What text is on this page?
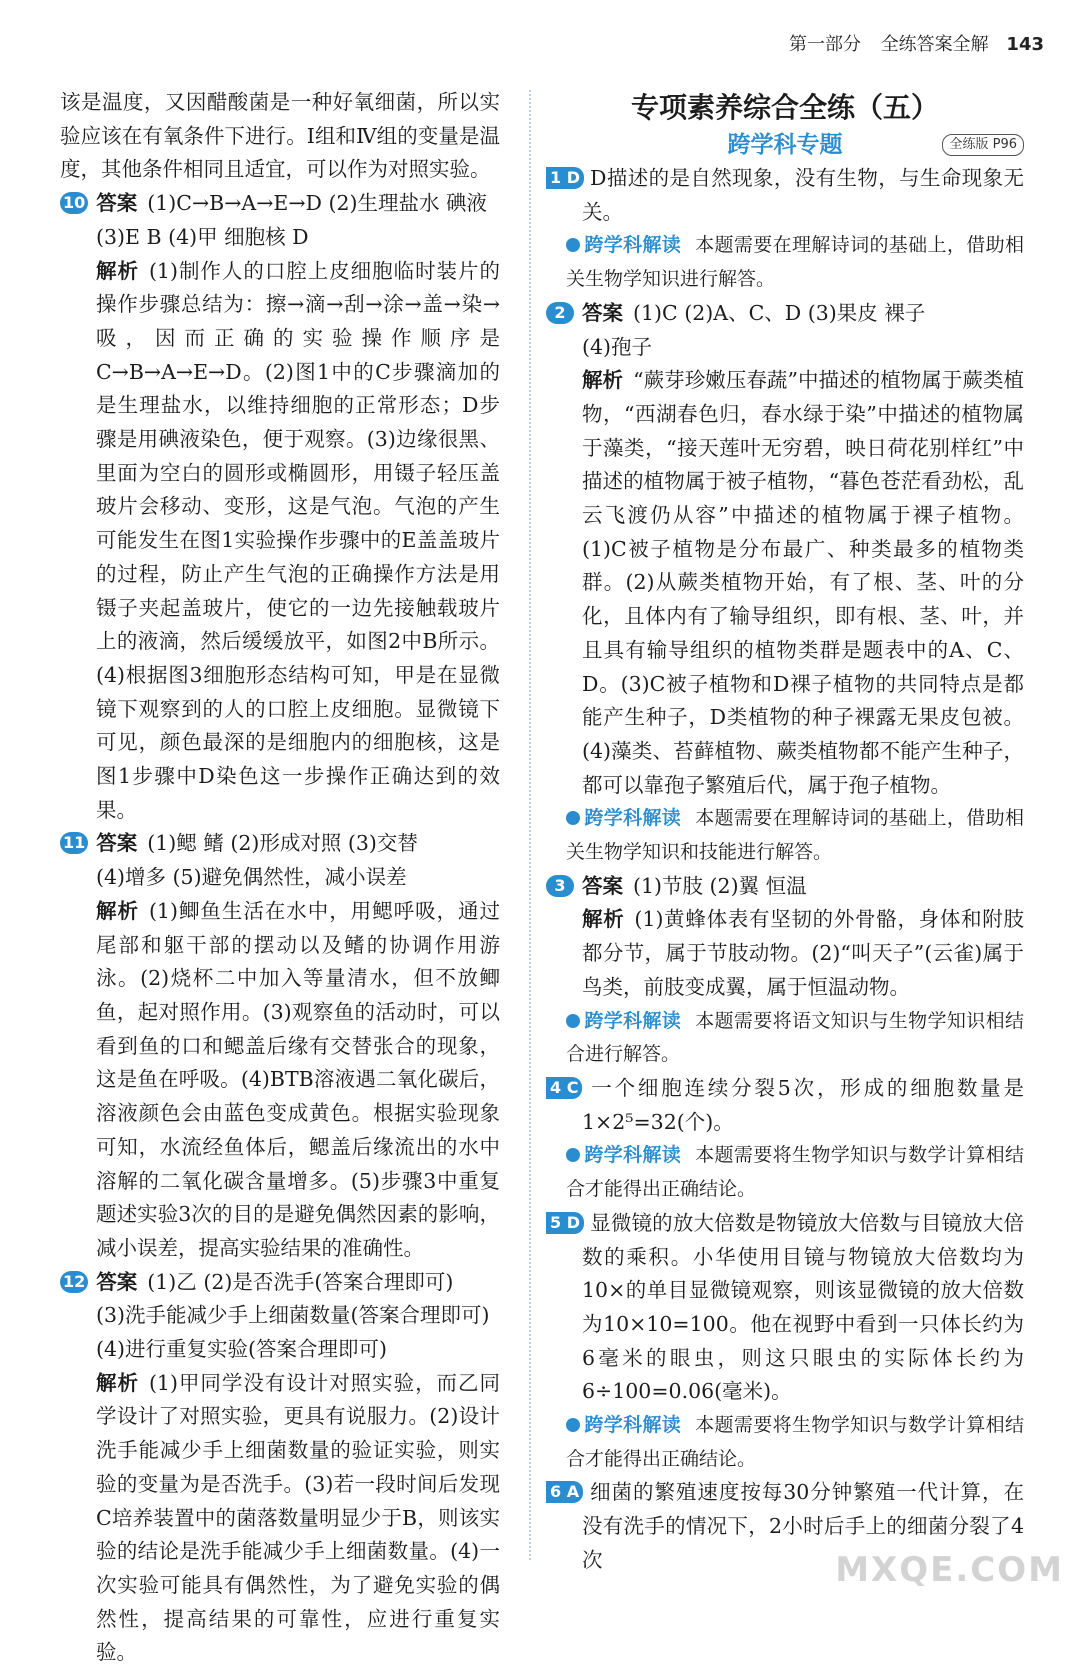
第一部分 全练答案全解 143

该是温度，又因醋酸菌是一种好氧细菌，所以实验应该在有氧条件下进行。Ⅰ组和Ⅳ组的变量是温度，其他条件相同且适宜，可以作为对照实验。

10 答案 (1)C→B→A→E→D (2)生理盐水 碘液

(3)E B (4)甲 细胞核 D

解析 (1)制作人的口腔上皮细胞临时装片的操作步骤总结为：擦→滴→刮→涂→盖→染→吸，因而正确的实验操作顺序是C→B→A→E→D。(2)图1中的C步骤滴加的是生理盐水，以维持细胞的正常形态；D步骤是用碘液染色，便于观察。(3)边缘很黑、里面为空白的圆形或椭圆形，用镊子轻压盖玻片会移动、变形，这是气泡。气泡的产生可能发生在图1实验操作步骤中的E盖盖玻片的过程，防止产生气泡的正确操作方法是用镊子夹起盖玻片，使它的一边先接触载玻片上的液滴，然后缓缓放平，如图2中B所示。(4)根据图3细胞形态结构可知，甲是在显微镜下观察到的人的口腔上皮细胞。显微镜下可见，颜色最深的是细胞内的细胞核，这是图1步骤中D染色这一步操作正确达到的效果。

11 答案 (1)鳃 鳍 (2)形成对照 (3)交替

(4)增多 (5)避免偶然性，减小误差

解析 (1)鲫鱼生活在水中，用鳃呼吸，通过尾部和躯干部的摆动以及鳍的协调作用游泳。(2)烧杯二中加入等量清水，但不放鲫鱼，起对照作用。(3)观察鱼的活动时，可以看到鱼的口和鳃盖后缘有交替张合的现象，这是鱼在呼吸。(4)BTB溶液遇二氧化碳后，溶液颜色会由蓝色变成黄色。根据实验现象可知，水流经鱼体后，鳃盖后缘流出的水中溶解的二氧化碳含量增多。(5)步骤3中重复题述实验3次的目的是避免偶然因素的影响，减小误差，提高实验结果的准确性。

12 答案 (1)乙 (2)是否洗手(答案合理即可)

(3)洗手能减少手上细菌数量(答案合理即可)

(4)进行重复实验(答案合理即可)

解析 (1)甲同学没有设计对照实验，而乙同学设计了对照实验，更具有说服力。(2)设计洗手能减少手上细菌数量的验证实验，则实验的变量为是否洗手。(3)若一段时间后发现C培养装置中的菌落数量明显少于B，则该实验的结论是洗手能减少手上细菌数量。(4)一次实验可能具有偶然性，为了避免实验的偶然性，提高结果的可靠性，应进行重复实验。

专项素养综合全练（五）
跨学科专题	全练版 P96

1 D D描述的是自然现象，没有生物，与生命现象无关。

跨学科解读 本题需要在理解诗词的基础上，借助相关生物学知识进行解答。

2 答案 (1)C (2)A、C、D (3)果皮 裸子

(4)孢子

解析 “蕨芽珍嫩压春蔬”中描述的植物属于蕨类植物，“西湖春色归，春水绿于染”中描述的植物属于藻类，“接天莲叶无穷碧，映日荷花别样红”中描述的植物属于被子植物，“暮色苍茫看劲松，乱云飞渡仍从容”中描述的植物属于裸子植物。(1)C被子植物是分布最广、种类最多的植物类群。(2)从蕨类植物开始，有了根、茎、叶的分化，且体内有了输导组织，即有根、茎、叶，并且具有输导组织的植物类群是题表中的A、C、D。(3)C被子植物和D裸子植物的共同特点是都能产生种子，D类植物的种子裸露无果皮包被。(4)藻类、苔藓植物、蕨类植物都不能产生种子，都可以靠孢子繁殖后代，属于孢子植物。

跨学科解读 本题需要在理解诗词的基础上，借助相关生物学知识和技能进行解答。

3 答案 (1)节肢 (2)翼 恒温

解析 (1)黄蜂体表有坚韧的外骨骼，身体和附肢都分节，属于节肢动物。(2)“叫天子”(云雀)属于鸟类，前肢变成翼，属于恒温动物。

跨学科解读 本题需要将语文知识与生物学知识相结合进行解答。

4 C 一个细胞连续分裂5次，形成的细胞数量是1×2⁵=32(个)。

跨学科解读 本题需要将生物学知识与数学计算相结合才能得出正确结论。

5 D 显微镜的放大倍数是物镜放大倍数与目镜放大倍数的乘积。小华使用目镜与物镜放大倍数均为10×的单目显微镜观察，则该显微镜的放大倍数为10×10=100。他在视野中看到一只体长约为6毫米的眼虫，则这只眼虫的实际体长约为6÷100=0.06(毫米)。

跨学科解读 本题需要将生物学知识与数学计算相结合才能得出正确结论。

6 A 细菌的繁殖速度按每30分钟繁殖一代计算，在没有洗手的情况下，2小时后手上的细菌分裂了4次	MXQE.COM
